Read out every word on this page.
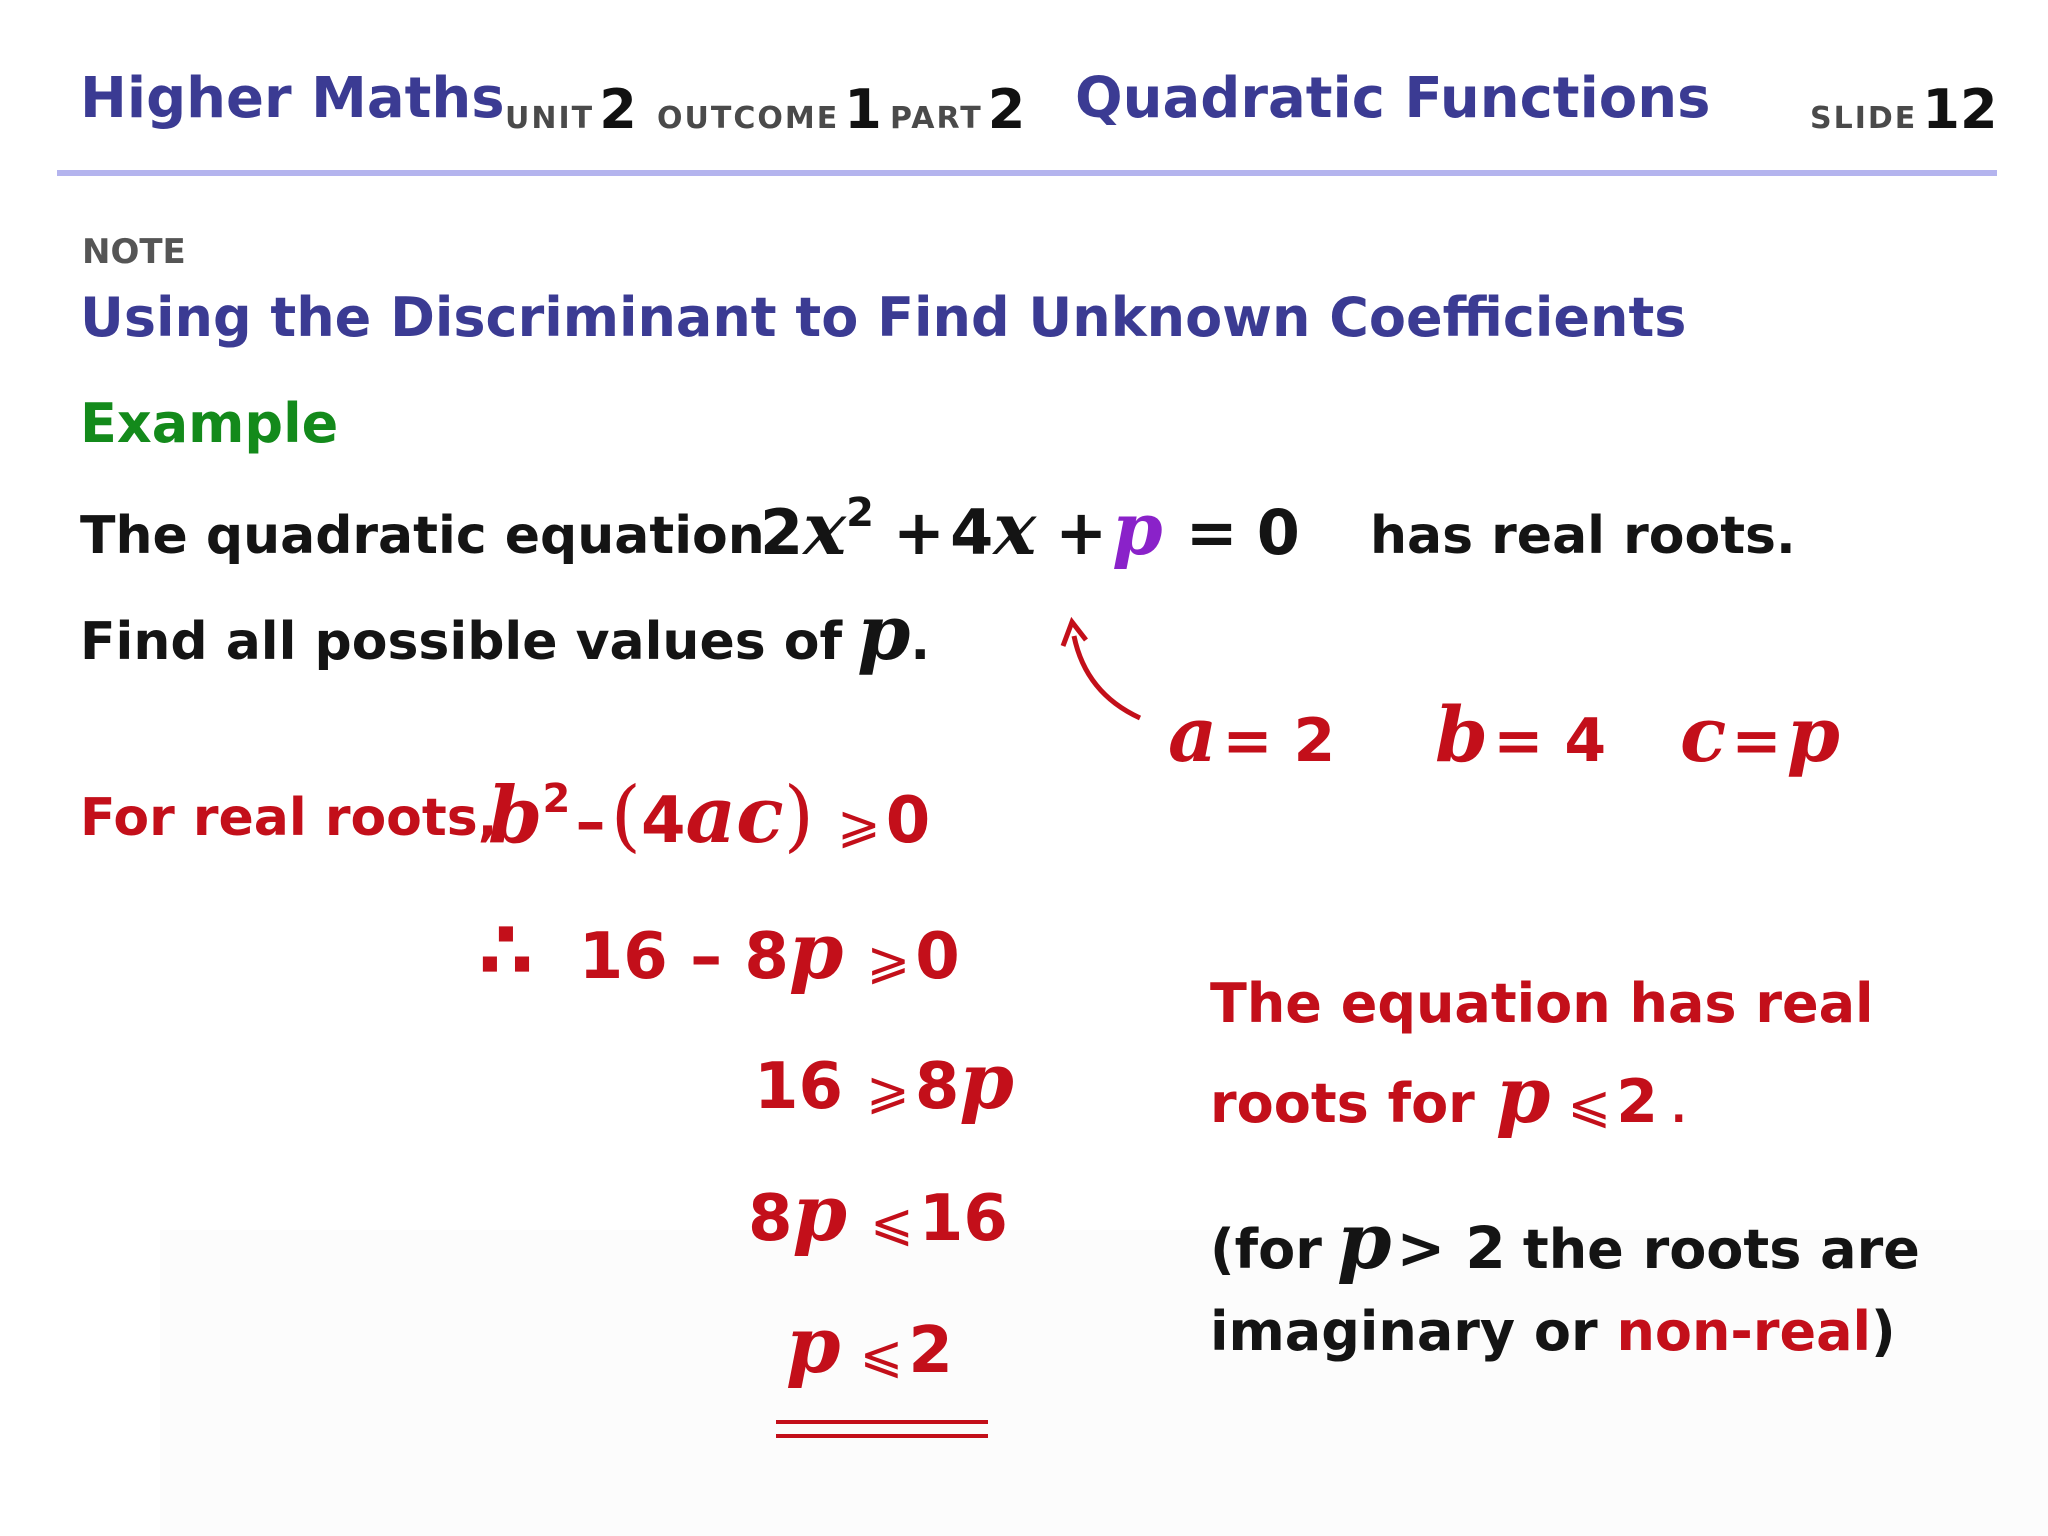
Higher Maths UNIT 2 OUTCOME 1 PART 2 Quadratic Functions	SLIDE 12
NOTE
Using the Discriminant to Find Unknown Coefficients
Example
The quadratic equation
$2x^2 + 4x + p = 0$ has real roots.
Find all possible values of p.
a = 2 b = 4 c = p
For real roots,
$b^2 - (4ac)$ ⩾ 0
∴ 16 – 8p ⩾ 0
16 ⩾ 8p
8p ⩽ 16
p ⩽ 2
The equation has real
roots for p ⩽ 2 .
(for p > 2 the roots are
imaginary or non-real)
